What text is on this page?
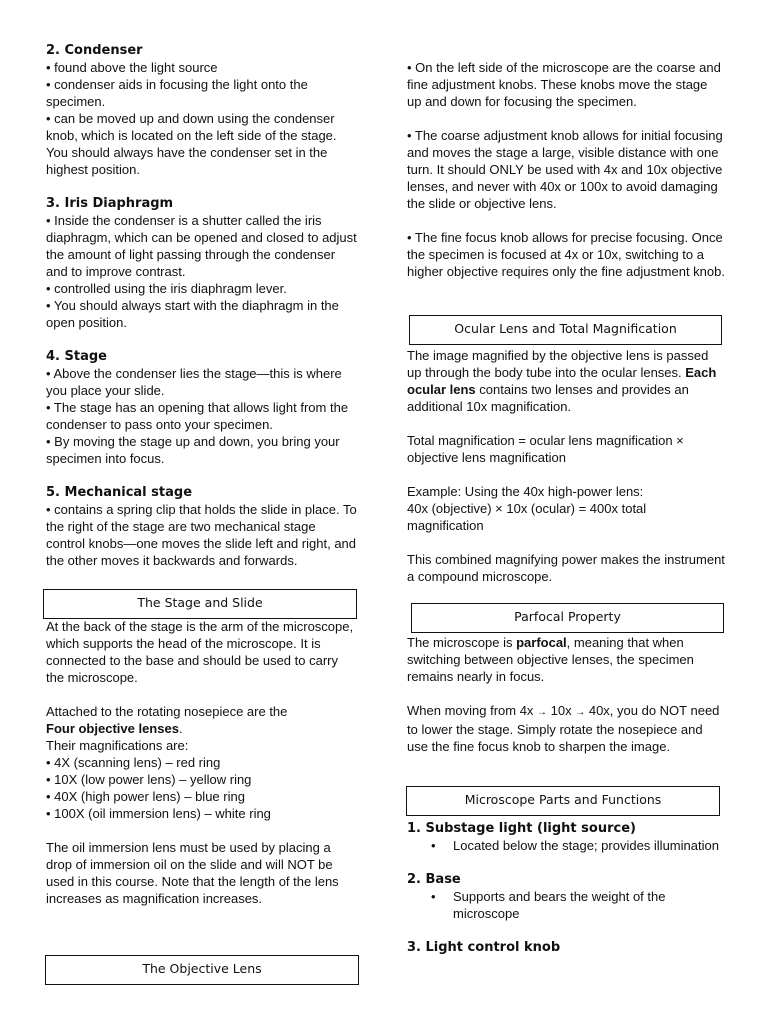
2. Condenser

• found above the light source

• condenser aids in focusing the light onto the specimen.

• can be moved up and down using the condenser knob, which is located on the left side of the stage. You should always have the condenser set in the highest position.

3. Iris Diaphragm

• Inside the condenser is a shutter called the iris diaphragm, which can be opened and closed to adjust the amount of light passing through the condenser and to improve contrast.

• controlled using the iris diaphragm lever.

• You should always start with the diaphragm in the open position.

4. Stage

• Above the condenser lies the stage—this is where you place your slide.

• The stage has an opening that allows light from the condenser to pass onto your specimen.

• By moving the stage up and down, you bring your specimen into focus.

5. Mechanical stage

• contains a spring clip that holds the slide in place. To the right of the stage are two mechanical stage control knobs—one moves the slide left and right, and the other moves it backwards and forwards.

The Stage and Slide

At the back of the stage is the arm of the microscope, which supports the head of the microscope. It is connected to the base and should be used to carry the microscope.

Attached to the rotating nosepiece are the

Four objective lenses.

Their magnifications are:

• 4X (scanning lens) – red ring

• 10X (low power lens) – yellow ring

• 40X (high power lens) – blue ring

• 100X (oil immersion lens) – white ring

The oil immersion lens must be used by placing a drop of immersion oil on the slide and will NOT be used in this course. Note that the length of the lens increases as magnification increases.

The Objective Lens

• On the left side of the microscope are the coarse and fine adjustment knobs. These knobs move the stage up and down for focusing the specimen.

• The coarse adjustment knob allows for initial focusing and moves the stage a large, visible distance with one turn. It should ONLY be used with 4x and 10x objective lenses, and never with 40x or 100x to avoid damaging the slide or objective lens.

• The fine focus knob allows for precise focusing. Once the specimen is focused at 4x or 10x, switching to a higher objective requires only the fine adjustment knob.

Ocular Lens and Total Magnification

The image magnified by the objective lens is passed up through the body tube into the ocular lenses. Each ocular lens contains two lenses and provides an additional 10x magnification.

Total magnification = ocular lens magnification × objective lens magnification

Example: Using the 40x high-power lens:

40x (objective) × 10x (ocular) = 400x total magnification

This combined magnifying power makes the instrument a compound microscope.

Parfocal Property

The microscope is parfocal, meaning that when switching between objective lenses, the specimen remains nearly in focus.

When moving from 4x → 10x → 40x, you do NOT need to lower the stage. Simply rotate the nosepiece and use the fine focus knob to sharpen the image.

Microscope Parts and Functions

1. Substage light (light source)

• Located below the stage; provides illumination

2. Base

• Supports and bears the weight of the microscope

3. Light control knob
